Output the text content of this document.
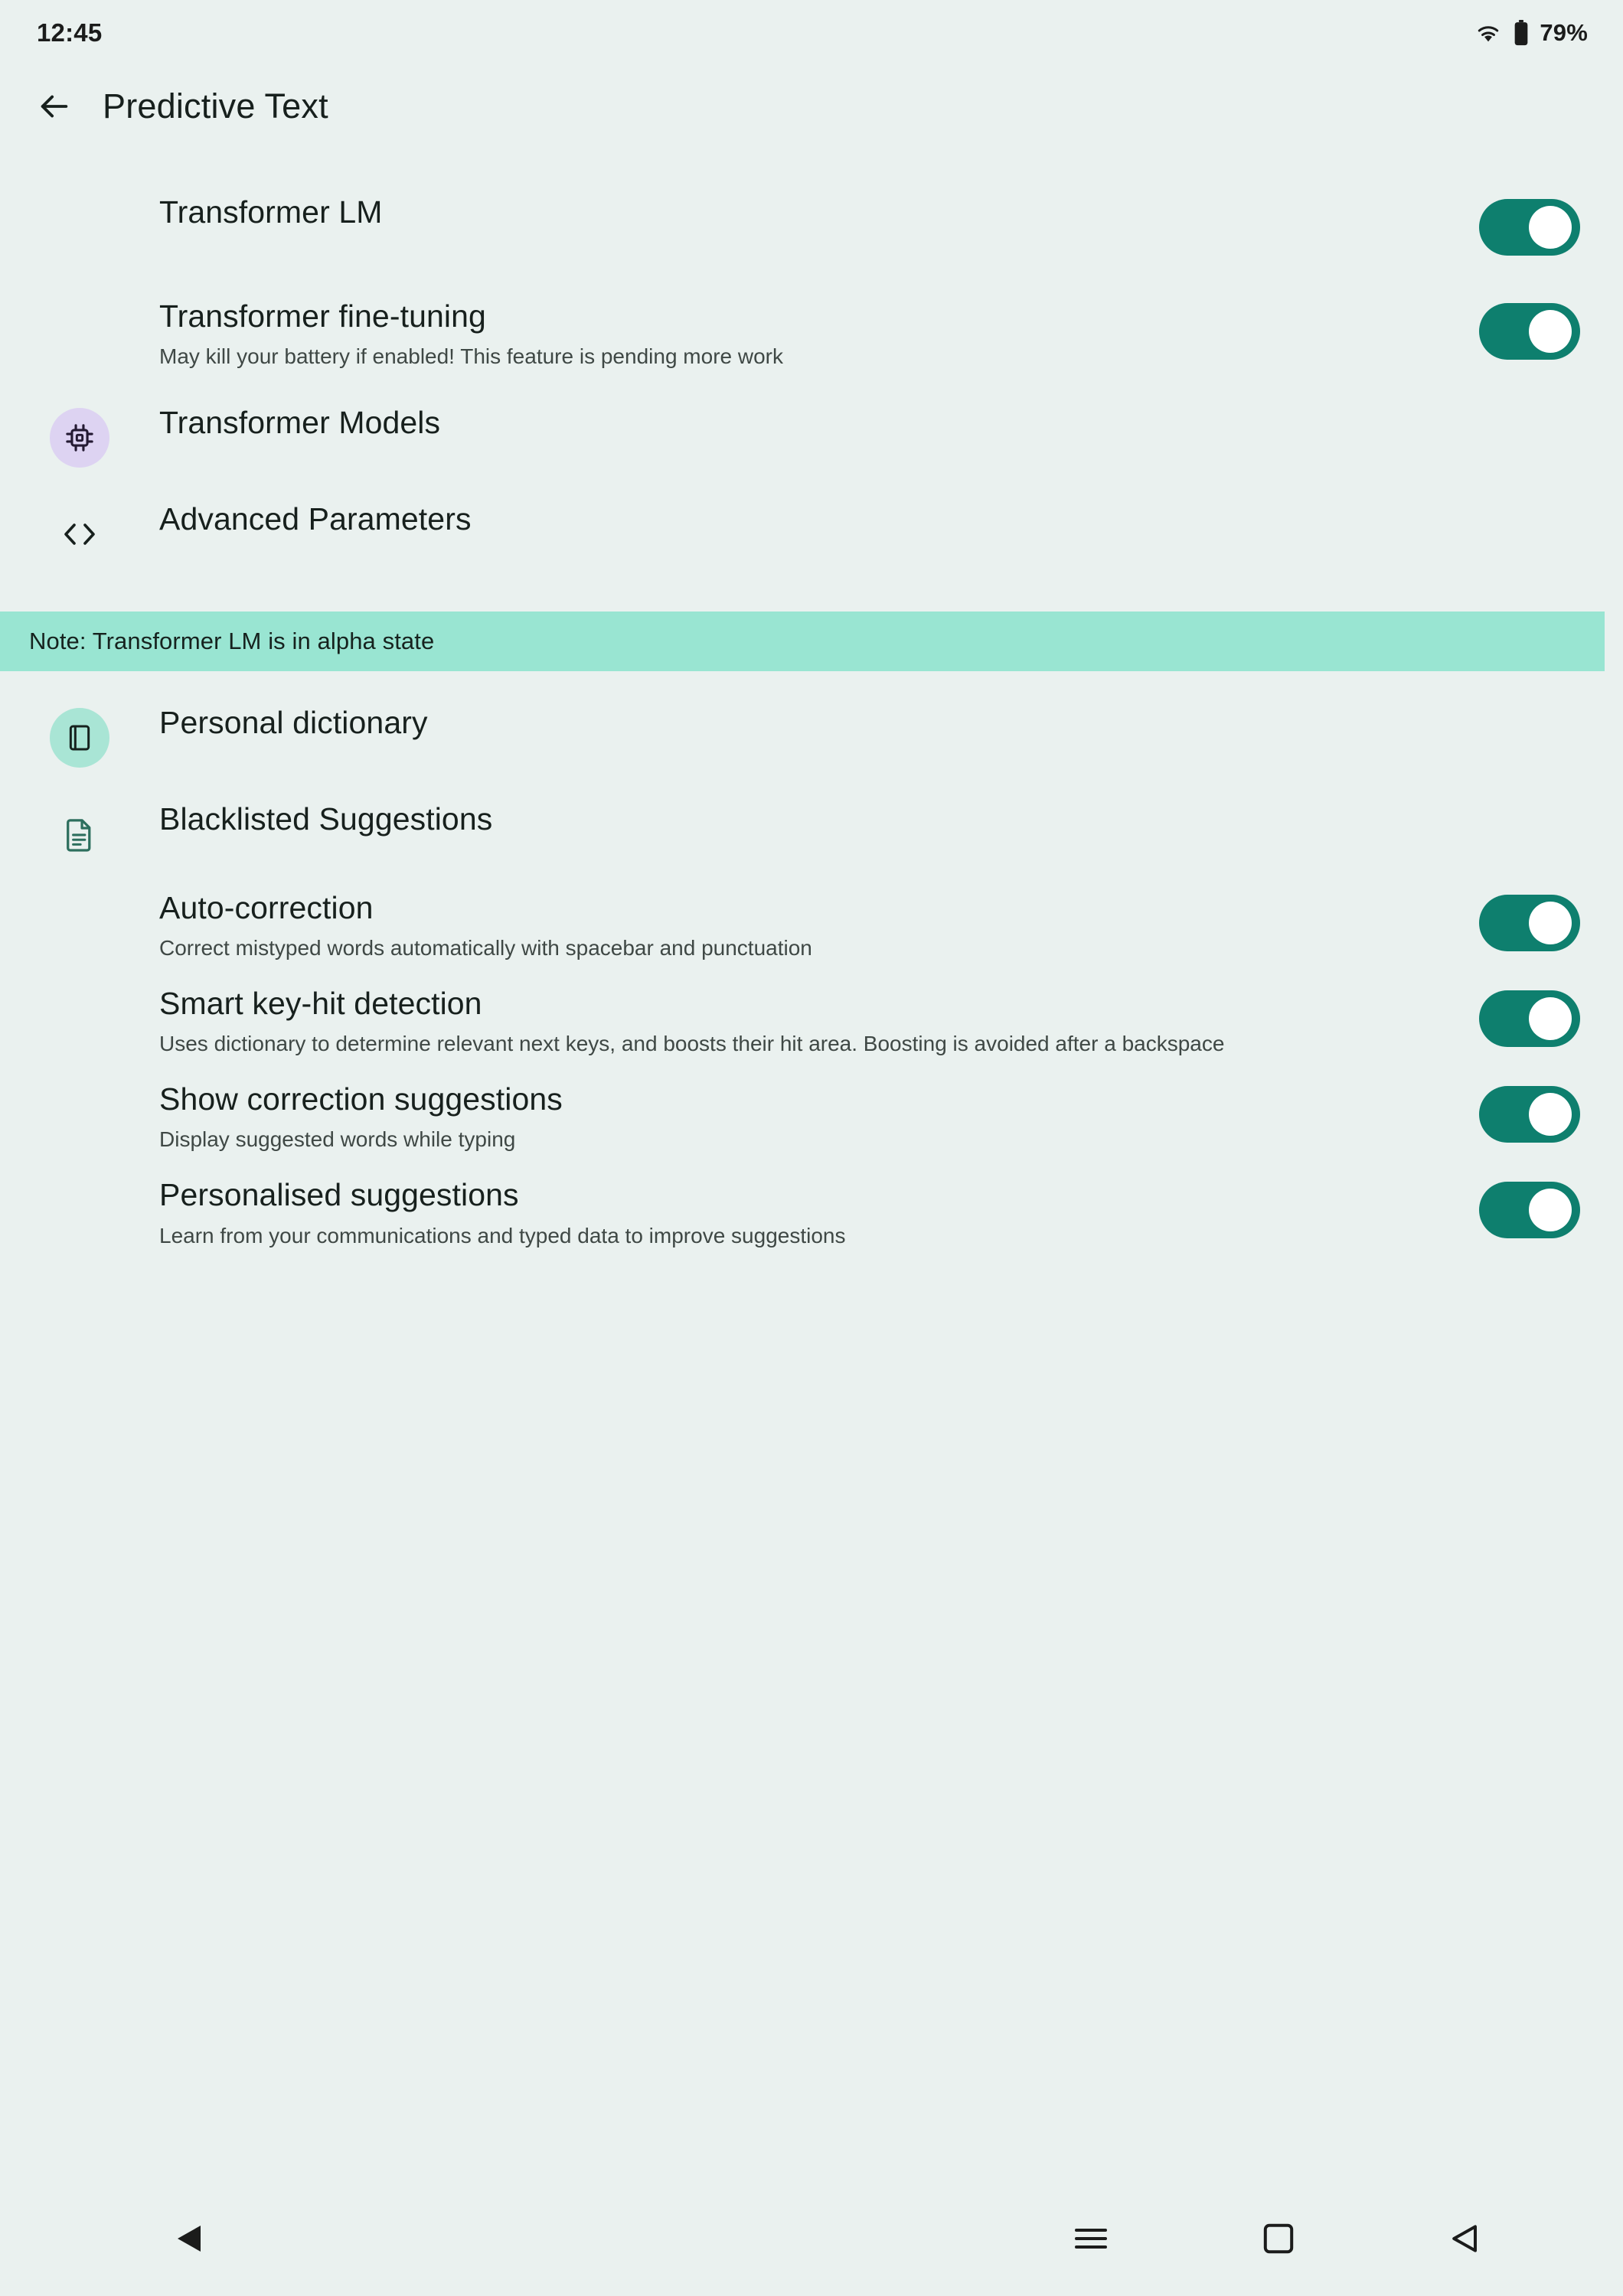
12:45	79%
Predictive Text
Transformer LM
Transformer fine-tuning
May kill your battery if enabled! This feature is pending more work
Transformer Models
Advanced Parameters
Note: Transformer LM is in alpha state
Personal dictionary
Blacklisted Suggestions
Auto-correction
Correct mistyped words automatically with spacebar and punctuation
Smart key-hit detection
Uses dictionary to determine relevant next keys, and boosts their hit area. Boosting is avoided after a backspace
Show correction suggestions
Display suggested words while typing
Personalised suggestions
Learn from your communications and typed data to improve suggestions
